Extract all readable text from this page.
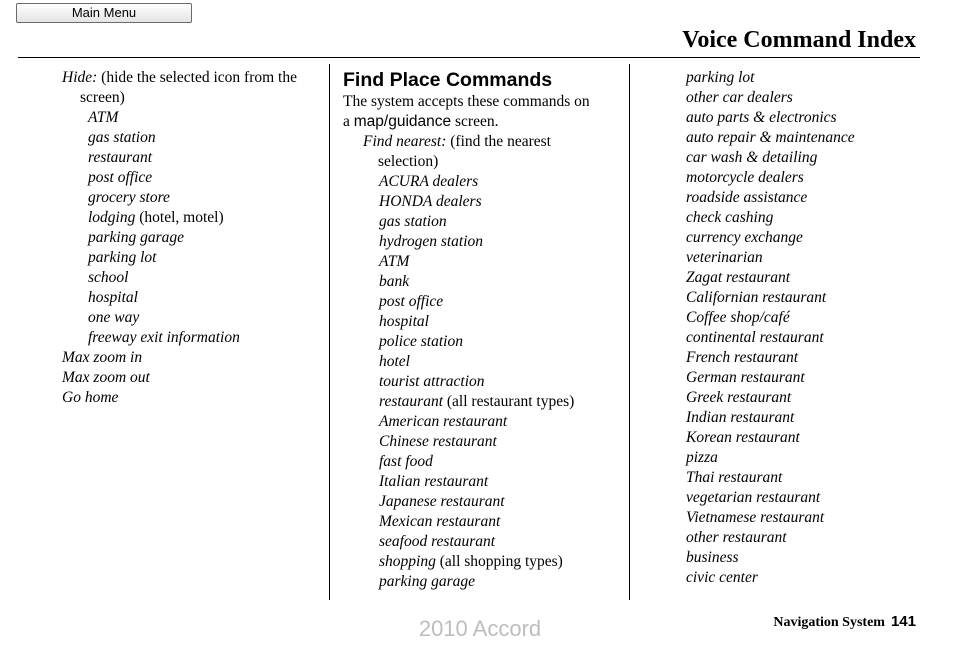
Main Menu
Voice Command Index
Hide: (hide the selected icon from the
screen)
ATM
gas station
restaurant
post office
grocery store
lodging (hotel, motel)
parking garage
parking lot
school
hospital
one way
freeway exit information
Max zoom in
Max zoom out
Go home
Find Place Commands
The system accepts these commands on
a map/guidance screen.
Find nearest: (find the nearest
selection)
ACURA dealers
HONDA dealers
gas station
hydrogen station
ATM
bank
post office
hospital
police station
hotel
tourist attraction
restaurant (all restaurant types)
American restaurant
Chinese restaurant
fast food
Italian restaurant
Japanese restaurant
Mexican restaurant
seafood restaurant
shopping (all shopping types)
parking garage
parking lot
other car dealers
auto parts & electronics
auto repair & maintenance
car wash & detailing
motorcycle dealers
roadside assistance
check cashing
currency exchange
veterinarian
Zagat restaurant
Californian restaurant
Coffee shop/café
continental restaurant
French restaurant
German restaurant
Greek restaurant
Indian restaurant
Korean restaurant
pizza
Thai restaurant
vegetarian restaurant
Vietnamese restaurant
other restaurant
business
civic center
Navigation System 141
2010 Accord
